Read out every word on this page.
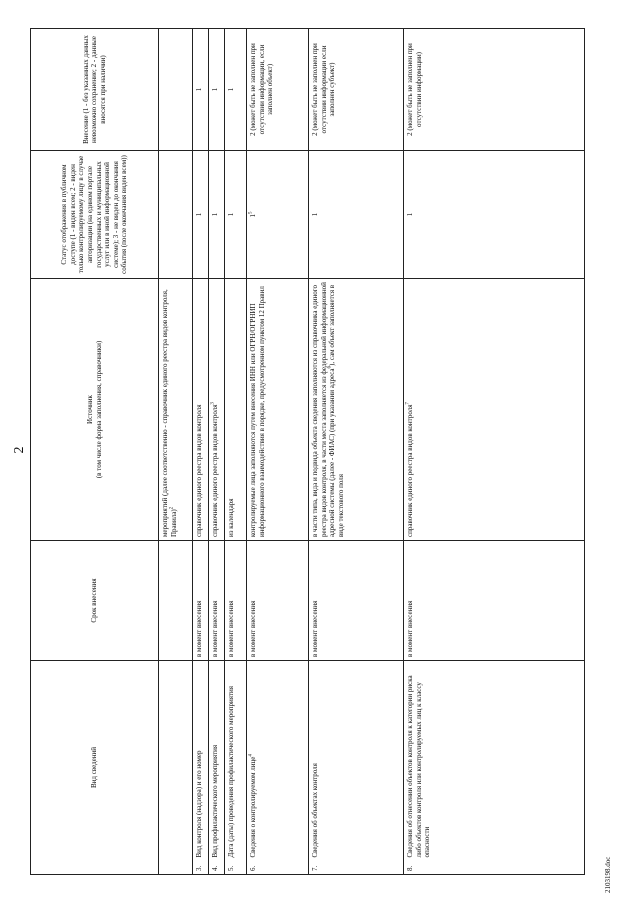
2
Вид сведений		Срок внесения	Источник (в том числе форма заполнения, справочники)	Статус отображения в публичном доступе (1 - виден всем; 2 - виден только контролируемому лицу в случае авторизации (на едином портале государственных и муниципальных услуг или в иной информационной системе); 3 - не виден до окончания события (после окончания виден всем))	Внесение (1 - без указанных данных невозможно сохранение; 2 - данные вносятся при наличии)
			мероприятий (далее соответственно - справочник единого реестра видов контроля, Правила)$^2$		
3.	Вид контроля (надзора) и его номер	в момент внесения	справочник единого реестра видов контроля	1	1
4.	Вид профилактического мероприятия	в момент внесения	справочник единого реестра видов контроля$^3$	1	1
5.	Дата (даты) проведения профилактического мероприятия	в момент внесения	из календаря	1	1
6.	Сведения о контролируемом лице$^4$	в момент внесения	контролируемые лица заполняются путем внесения ИНН или ОГРН/ОГРНИП информационного взаимодействия в порядке, предусмотренном пунктом 12 Правил	$1^5$	2 (может быть не заполнен при отсутствии информации, если заполнен объект)
7.	Сведения об объектах контроля	в момент внесения	в части типа, вида и подвида объекта сведения заполняются из справочника единого реестра видов контроля, в части места заполняется из федеральной информационной адресной системы (далее - ФИАС) (при указании адреса$^6$), сам объект заполняется в виде текстового поля	1	2 (может быть не заполнен при отсутствии информации если заполнен субъект)
8.	Сведения об отнесении объектов контроля к категории риска либо объектов контроля или контролируемых лиц к классу опасности	в момент внесения	справочник единого реестра видов контроля$^7$	1	2 (может быть не заполнен при отсутствии информации)
2103198.doc
